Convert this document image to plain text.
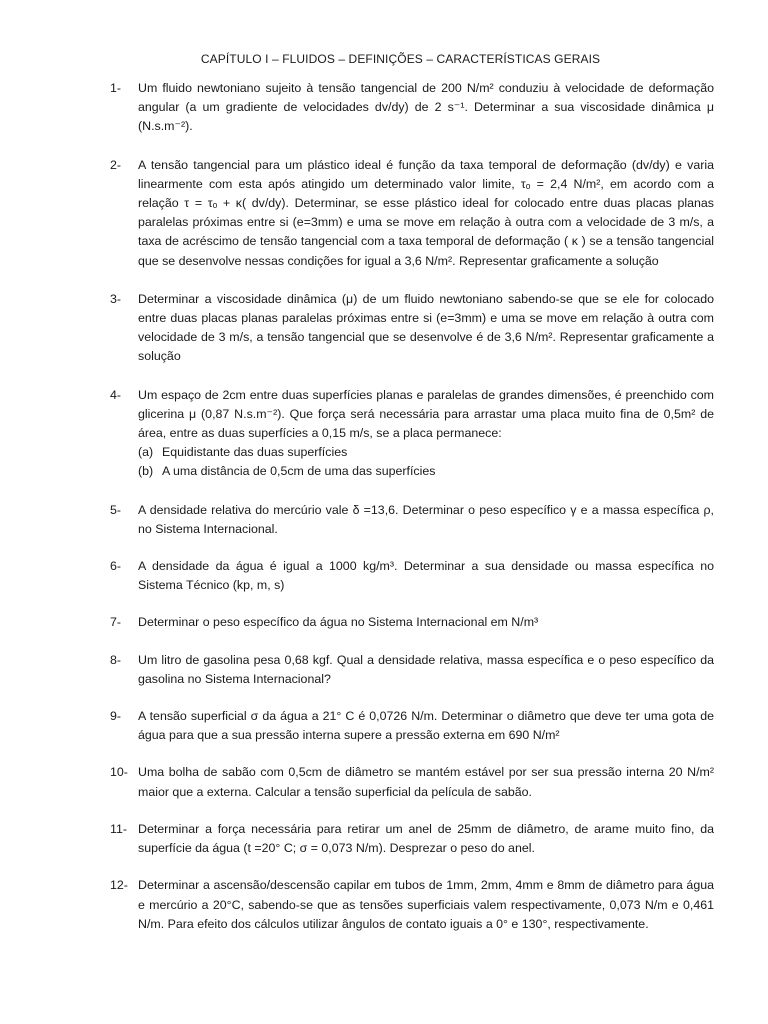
CAPÍTULO I – FLUIDOS – DEFINIÇÕES – CARACTERÍSTICAS GERAIS
1-	Um fluido newtoniano sujeito à tensão tangencial de 200 N/m² conduziu à velocidade de deformação angular (a um gradiente de velocidades dv/dy) de 2 s⁻¹. Determinar a sua viscosidade dinâmica μ (N.s.m⁻²).
2-	A tensão tangencial para um plástico ideal é função da taxa temporal de deformação (dv/dy) e varia linearmente com esta após atingido um determinado valor limite, τₒ = 2,4 N/m², em acordo com a relação τ = τₒ + κ( dv/dy). Determinar, se esse plástico ideal for colocado entre duas placas planas paralelas próximas entre si (e=3mm) e uma se move em relação à outra com a velocidade de 3 m/s, a taxa de acréscimo de tensão tangencial com a taxa temporal de deformação ( κ ) se a tensão tangencial que se desenvolve nessas condições for igual a 3,6 N/m². Representar graficamente a solução
3-	Determinar a viscosidade dinâmica (μ) de um fluido newtoniano sabendo-se que se ele for colocado entre duas placas planas paralelas próximas entre si (e=3mm) e uma se move em relação à outra com velocidade de 3 m/s, a tensão tangencial que se desenvolve é de 3,6 N/m². Representar graficamente a solução
4-	Um espaço de 2cm entre duas superfícies planas e paralelas de grandes dimensões, é preenchido com glicerina μ (0,87 N.s.m⁻²). Que força será necessária para arrastar uma placa muito fina de 0,5m² de área, entre as duas superfícies a 0,15 m/s, se a placa permanece:
(a) Equidistante das duas superfícies
(b) A uma distância de 0,5cm de uma das superfícies
5-	A densidade relativa do mercúrio vale δ =13,6. Determinar o peso específico γ e a massa específica ρ, no Sistema Internacional.
6-	A densidade da água é igual a 1000 kg/m³. Determinar a sua densidade ou massa específica no Sistema Técnico (kp, m, s)
7-	Determinar o peso específico da água no Sistema Internacional em N/m³
8-	Um litro de gasolina pesa 0,68 kgf. Qual a densidade relativa, massa específica e o peso específico da gasolina no Sistema Internacional?
9-	A tensão superficial σ da água a 21° C é 0,0726 N/m. Determinar o diâmetro que deve ter uma gota de água para que a sua pressão interna supere a pressão externa em 690 N/m²
10- Uma bolha de sabão com 0,5cm de diâmetro se mantém estável por ser sua pressão interna 20 N/m² maior que a externa. Calcular a tensão superficial da película de sabão.
11- Determinar a força necessária para retirar um anel de 25mm de diâmetro, de arame muito fino, da superfície da água (t =20° C; σ = 0,073 N/m). Desprezar o peso do anel.
12- Determinar a ascensão/descensão capilar em tubos de 1mm, 2mm, 4mm e 8mm de diâmetro para água e mercúrio a 20°C, sabendo-se que as tensões superficiais valem respectivamente, 0,073 N/m e 0,461 N/m. Para efeito dos cálculos utilizar ângulos de contato iguais a 0° e 130°, respectivamente.
